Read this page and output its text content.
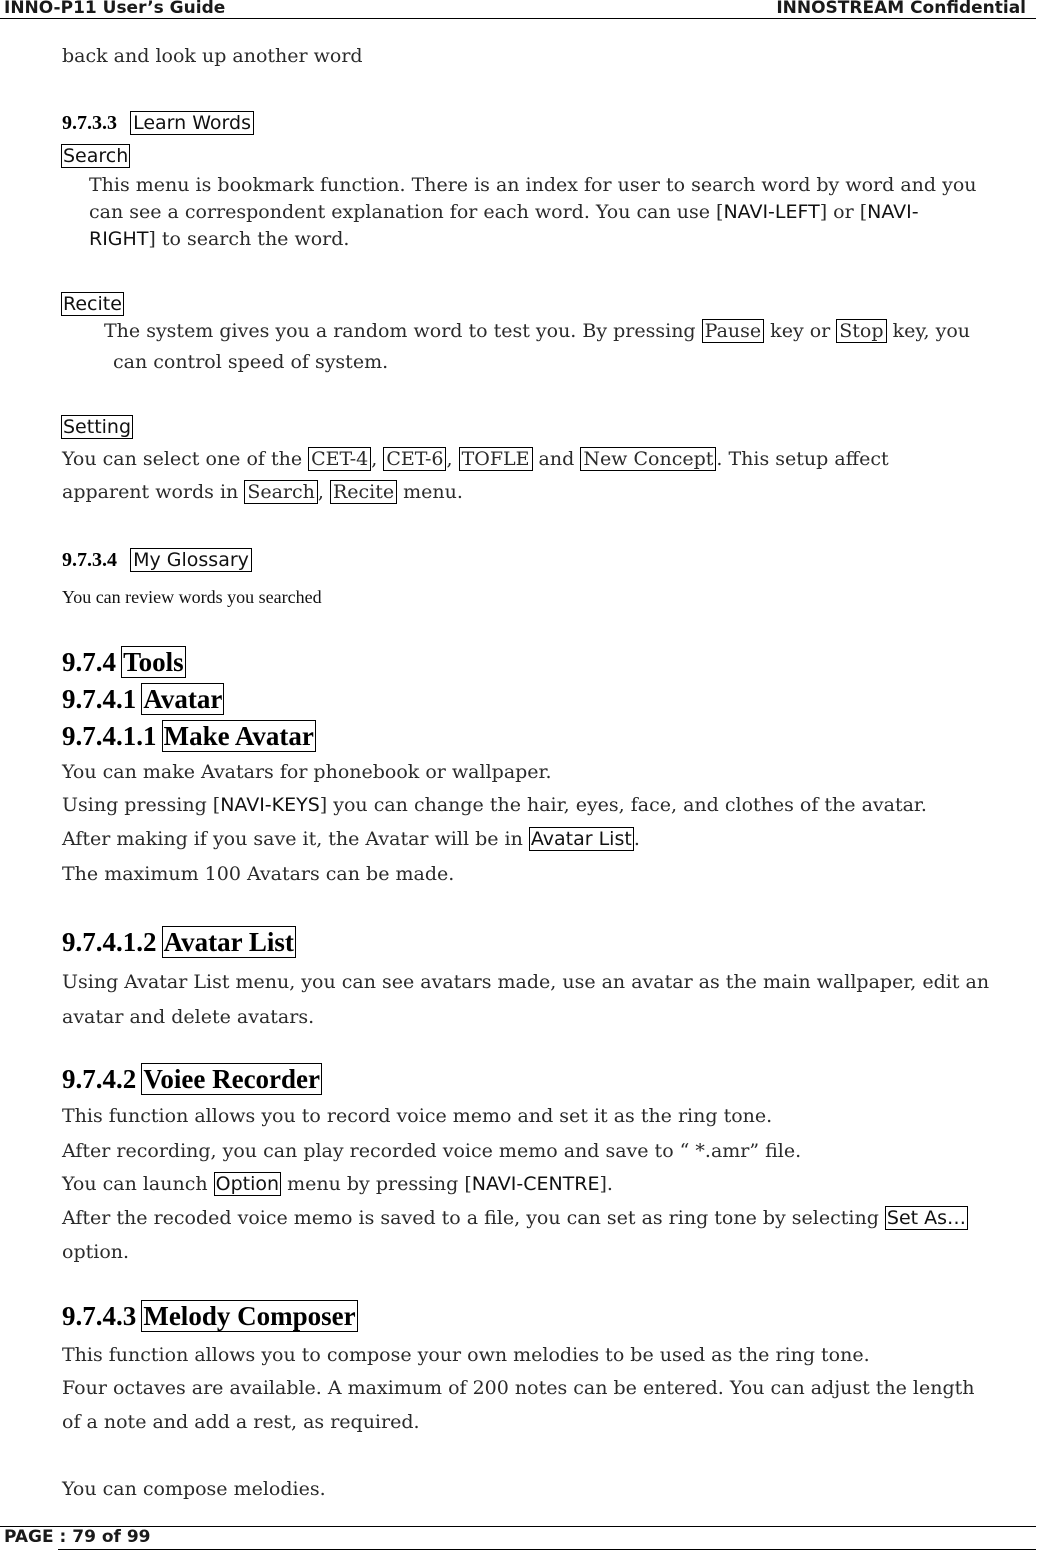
INNO-P11 User’s Guide	INNOSTREAM Confidential
back and look up another word
9.7.3.3 Learn Words
Search
This menu is bookmark function. There is an index for user to search word by word and you
can see a correspondent explanation for each word. You can use [NAVI-LEFT] or [NAVI-
RIGHT] to search the word.
Recite
The system gives you a random word to test you. By pressing Pause key or Stop key, you
can control speed of system.
Setting
You can select one of the CET-4 , CET-6 , TOFLE and New Concept . This setup affect
apparent words in Search , Recite menu.
9.7.3.4 My Glossary
You can review words you searched
9.7.4 Tools
9.7.4.1 Avatar
9.7.4.1.1 Make Avatar
You can make Avatars for phonebook or wallpaper.
Using pressing [NAVI-KEYS] you can change the hair, eyes, face, and clothes of the avatar.
After making if you save it, the Avatar will be in Avatar List .
The maximum 100 Avatars can be made.
9.7.4.1.2 Avatar List
Using Avatar List menu, you can see avatars made, use an avatar as the main wallpaper, edit an
avatar and delete avatars.
9.7.4.2 Voiee Recorder
This function allows you to record voice memo and set it as the ring tone.
After recording, you can play recorded voice memo and save to “ *.amr” file.
You can launch Option menu by pressing [NAVI-CENTRE].
After the recoded voice memo is saved to a file, you can set as ring tone by selecting Set As…
option.
9.7.4.3 Melody Composer
This function allows you to compose your own melodies to be used as the ring tone.
Four octaves are available. A maximum of 200 notes can be entered. You can adjust the length
of a note and add a rest, as required.
You can compose melodies.
PAGE : 79 of 99
